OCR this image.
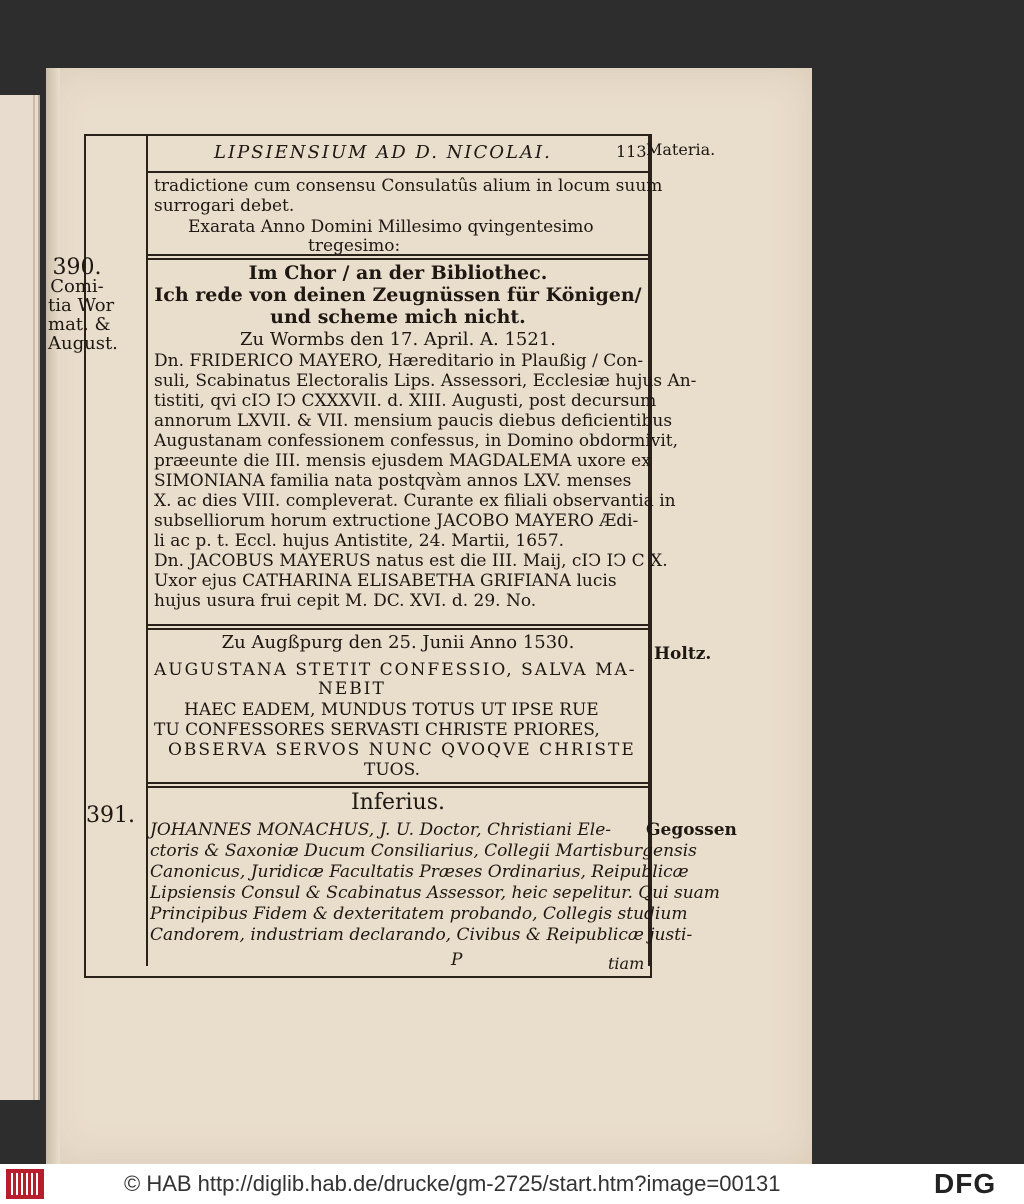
LIPSIENSIUM AD D. NICOLAI.	113 Materia.
tradictione cum consensu Consulatûs alium in locum suum
surrogari debet.
Exarata Anno Domini Millesimo qvingentesimo
tregesimo:
390.
Comi-
tia Wor
mat. &
August.
Im Chor / an der Bibliothec.
Ich rede von deinen Zeugnüssen für Königen/
und scheme mich nicht.
Zu Wormbs den 17. April. A. 1521.
Dn. FRIDERICO MAYERO, Hæreditario in Plaußig / Con-
suli, Scabinatus Electoralis Lips. Assessori, Ecclesiæ hujus An-
tistiti, qvi cIↃ IↃ CXXXVII. d. XIII. Augusti, post decursum
annorum LXVII. & VII. mensium paucis diebus deficientibus
Augustanam confessionem confessus, in Domino obdormivit,
præeunte die III. mensis ejusdem MAGDALEMA uxore ex
SIMONIANA familia nata postqvàm annos LXV. menses
X. ac dies VIII. compleverat. Curante ex filiali observantia in
subselliorum horum extructione JACOBO MAYERO Ædi-
li ac p. t. Eccl. hujus Antistite, 24. Martii, 1657.
Dn. JACOBUS MAYERUS natus est die III. Maij, cIↃ IↃ C X.
Uxor ejus CATHARINA ELISABETHA GRIFIANA lucis
hujus usura frui cepit M. DC. XVI. d. 29. No.
Zu Augßpurg den 25. Junii Anno 1530.
AUGUSTANA STETIT CONFESSIO, SALVA MA-
NEBIT
HAEC EADEM, MUNDUS TOTUS UT IPSE RUE
TU CONFESSORES SERVASTI CHRISTE PRIORES,
OBSERVA SERVOS NUNC QVOQVE CHRISTE
TUOS.
Holtz.
391.
Inferius.
Gegossen
JOHANNES MONACHUS, J. U. Doctor, Christiani Ele-
ctoris & Saxoniæ Ducum Consiliarius, Collegii Martisburgensis
Canonicus, Juridicæ Facultatis Præses Ordinarius, Reipublicæ
Lipsiensis Consul & Scabinatus Assessor, heic sepelitur. Qui suam
Principibus Fidem & dexteritatem probando, Collegis studium
Candorem, industriam declarando, Civibus & Reipublicæ justi-
P	tiam
© HAB http://diglib.hab.de/drucke/gm-2725/start.htm?image=00131	DFG
